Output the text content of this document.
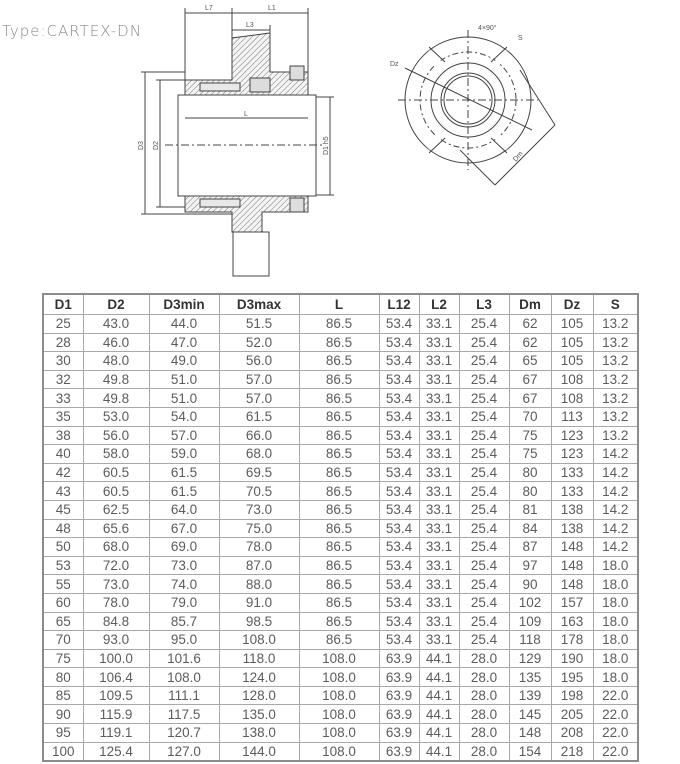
Type:CARTEX-DN
L7	L1
L3
L
D3 D2	D1 h5
Dz
Dm
S
4×90°
D1	D2	D3min	D3max	L	L12	L2	L3	Dm	Dz	S
25	43.0	44.0	51.5	86.5	53.4	33.1	25.4	62	105	13.2
28	46.0	47.0	52.0	86.5	53.4	33.1	25.4	62	105	13.2
30	48.0	49.0	56.0	86.5	53.4	33.1	25.4	65	105	13.2
32	49.8	51.0	57.0	86.5	53.4	33.1	25.4	67	108	13.2
33	49.8	51.0	57.0	86.5	53.4	33.1	25.4	67	108	13.2
35	53.0	54.0	61.5	86.5	53.4	33.1	25.4	70	113	13.2
38	56.0	57.0	66.0	86.5	53.4	33.1	25.4	75	123	13.2
40	58.0	59.0	68.0	86.5	53.4	33.1	25.4	75	123	14.2
42	60.5	61.5	69.5	86.5	53.4	33.1	25.4	80	133	14.2
43	60.5	61.5	70.5	86.5	53.4	33.1	25.4	80	133	14.2
45	62.5	64.0	73.0	86.5	53.4	33.1	25.4	81	138	14.2
48	65.6	67.0	75.0	86.5	53.4	33.1	25.4	84	138	14.2
50	68.0	69.0	78.0	86.5	53.4	33.1	25.4	87	148	14.2
53	72.0	73.0	87.0	86.5	53.4	33.1	25.4	97	148	18.0
55	73.0	74.0	88.0	86.5	53.4	33.1	25.4	90	148	18.0
60	78.0	79.0	91.0	86.5	53.4	33.1	25.4	102	157	18.0
65	84.8	85.7	98.5	86.5	53.4	33.1	25.4	109	163	18.0
70	93.0	95.0	108.0	86.5	53.4	33.1	25.4	118	178	18.0
75	100.0	101.6	118.0	108.0	63.9	44.1	28.0	129	190	18.0
80	106.4	108.0	124.0	108.0	63.9	44.1	28.0	135	195	18.0
85	109.5	111.1	128.0	108.0	63.9	44.1	28.0	139	198	22.0
90	115.9	117.5	135.0	108.0	63.9	44.1	28.0	145	205	22.0
95	119.1	120.7	138.0	108.0	63.9	44.1	28.0	148	208	22.0
100	125.4	127.0	144.0	108.0	63.9	44.1	28.0	154	218	22.0
